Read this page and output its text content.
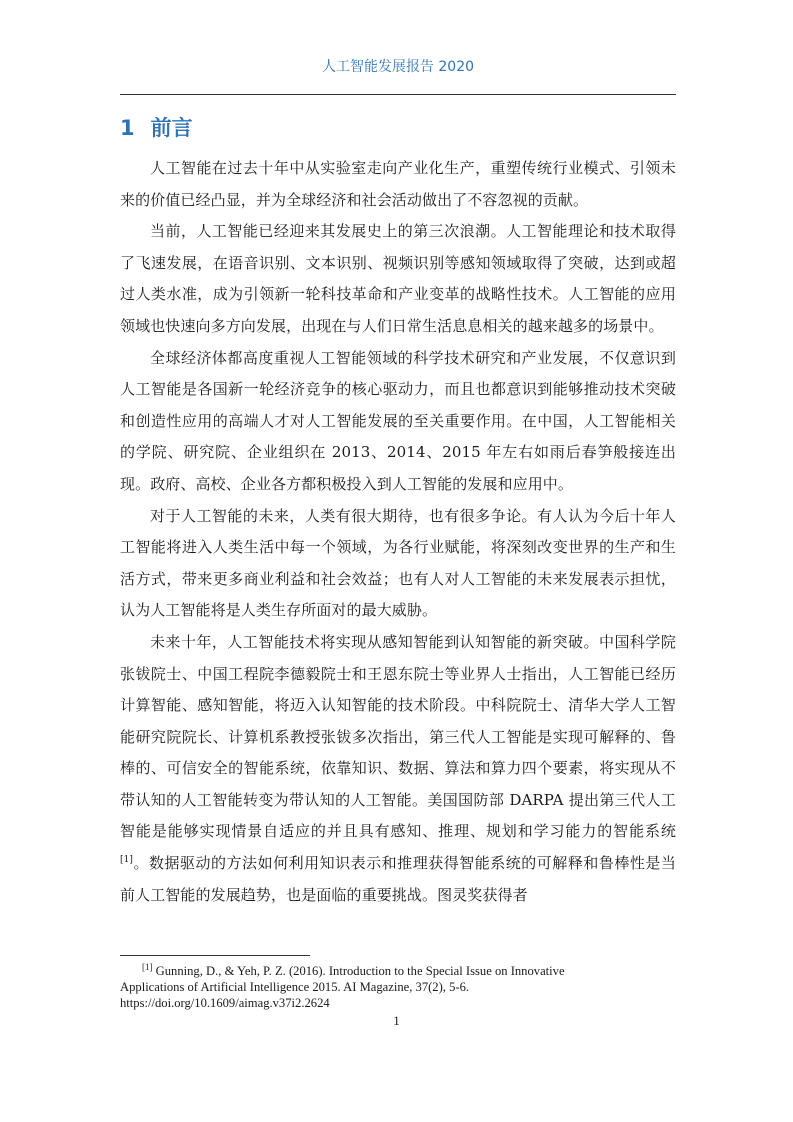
人工智能发展报告 2020
1 前言

人工智能在过去十年中从实验室走向产业化生产，重塑传统行业模式、引领未来的价值已经凸显，并为全球经济和社会活动做出了不容忽视的贡献。

当前，人工智能已经迎来其发展史上的第三次浪潮。人工智能理论和技术取得了飞速发展，在语音识别、文本识别、视频识别等感知领域取得了突破，达到或超过人类水准，成为引领新一轮科技革命和产业变革的战略性技术。人工智能的应用领域也快速向多方向发展，出现在与人们日常生活息息相关的越来越多的场景中。

全球经济体都高度重视人工智能领域的科学技术研究和产业发展，不仅意识到人工智能是各国新一轮经济竞争的核心驱动力，而且也都意识到能够推动技术突破和创造性应用的高端人才对人工智能发展的至关重要作用。在中国，人工智能相关的学院、研究院、企业组织在 2013、2014、2015 年左右如雨后春笋般接连出现。政府、高校、企业各方都积极投入到人工智能的发展和应用中。

对于人工智能的未来，人类有很大期待，也有很多争论。有人认为今后十年人工智能将进入人类生活中每一个领域，为各行业赋能，将深刻改变世界的生产和生活方式，带来更多商业利益和社会效益；也有人对人工智能的未来发展表示担忧，认为人工智能将是人类生存所面对的最大威胁。

未来十年，人工智能技术将实现从感知智能到认知智能的新突破。中国科学院张钹院士、中国工程院李德毅院士和王恩东院士等业界人士指出，人工智能已经历计算智能、感知智能，将迈入认知智能的技术阶段。中科院院士、清华大学人工智能研究院院长、计算机系教授张钹多次指出，第三代人工智能是实现可解释的、鲁棒的、可信安全的智能系统，依靠知识、数据、算法和算力四个要素，将实现从不带认知的人工智能转变为带认知的人工智能。美国国防部 DARPA 提出第三代人工智能是能够实现情景自适应的并且具有感知、推理、规划和学习能力的智能系统[1]。数据驱动的方法如何利用知识表示和推理获得智能系统的可解释和鲁棒性是当前人工智能的发展趋势，也是面临的重要挑战。图灵奖获得者

[1] Gunning, D., & Yeh, P. Z. (2016). Introduction to the Special Issue on Innovative
Applications of Artificial Intelligence 2015. AI Magazine, 37(2), 5-6.
https://doi.org/10.1609/aimag.v37i2.2624
1
